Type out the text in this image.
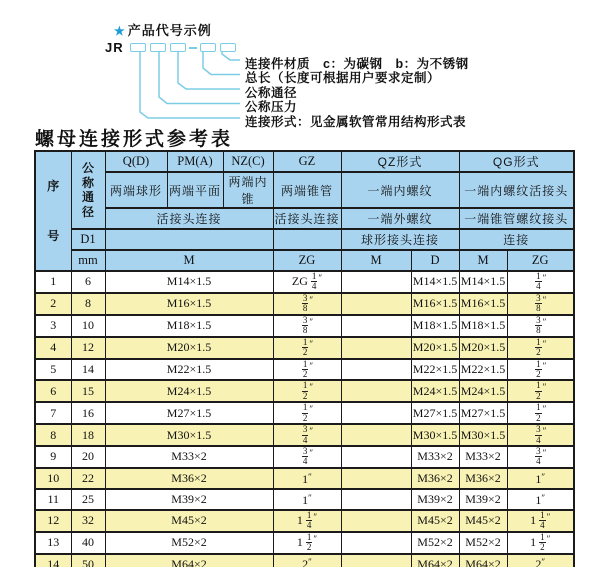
★ 产品代号示例
JR
连接件材质　c：为碳钢　b：为不锈钢
总长（长度可根据用户要求定制）
公称通径
公称压力
连接形式：见金属软管常用结构形式表
螺母连接形式参考表
序
号	公
称
通
径	Q(D)	PM(A)	NZ(C)	GZ	QZ形式		QG形式	
		两端球形	两端平面	两端内锥	两端锥管	一端内螺纹		一端内螺纹活接头	
		活接头连接			活接头连接	一端外螺纹		一端锥管螺纹接头	
	D1					球形接头连接		连接	
	mm	M			ZG	M	D	M	ZG
1	6	M14×1.5			ZG $\frac{1}{4} ''$		M14×1.5	M14×1.5	$\frac{1}{4} ''$
2	8	M16×1.5			$\frac{3}{8} ''$		M16×1.5	M16×1.5	$\frac{3}{8} ''$
3	10	M18×1.5			$\frac{3}{8} ''$		M18×1.5	M18×1.5	$\frac{3}{8} ''$
4	12	M20×1.5			$\frac{1}{2} ''$		M20×1.5	M20×1.5	$\frac{1}{2} ''$
5	14	M22×1.5			$\frac{1}{2} ''$		M22×1.5	M22×1.5	$\frac{1}{2} ''$
6	15	M24×1.5			$\frac{1}{2} ''$		M24×1.5	M24×1.5	$\frac{1}{2} ''$
7	16	M27×1.5			$\frac{1}{2} ''$		M27×1.5	M27×1.5	$\frac{1}{2} ''$
8	18	M30×1.5			$\frac{3}{4} ''$		M30×1.5	M30×1.5	$\frac{3}{4} ''$
9	20	M33×2			$\frac{3}{4} ''$		M33×2	M33×2	$\frac{3}{4} ''$
10	22	M36×2			1″		M36×2	M36×2	1″
11	25	M39×2			1″		M39×2	M39×2	1″
12	32	M45×2			$1 \frac{1}{4} ''$		M45×2	M45×2	$1 \frac{1}{4} ''$
13	40	M52×2			$1 \frac{1}{2} ''$		M52×2	M52×2	$1 \frac{1}{2} ''$
14	50	M64×2			2″		M64×2	M64×2	2″
